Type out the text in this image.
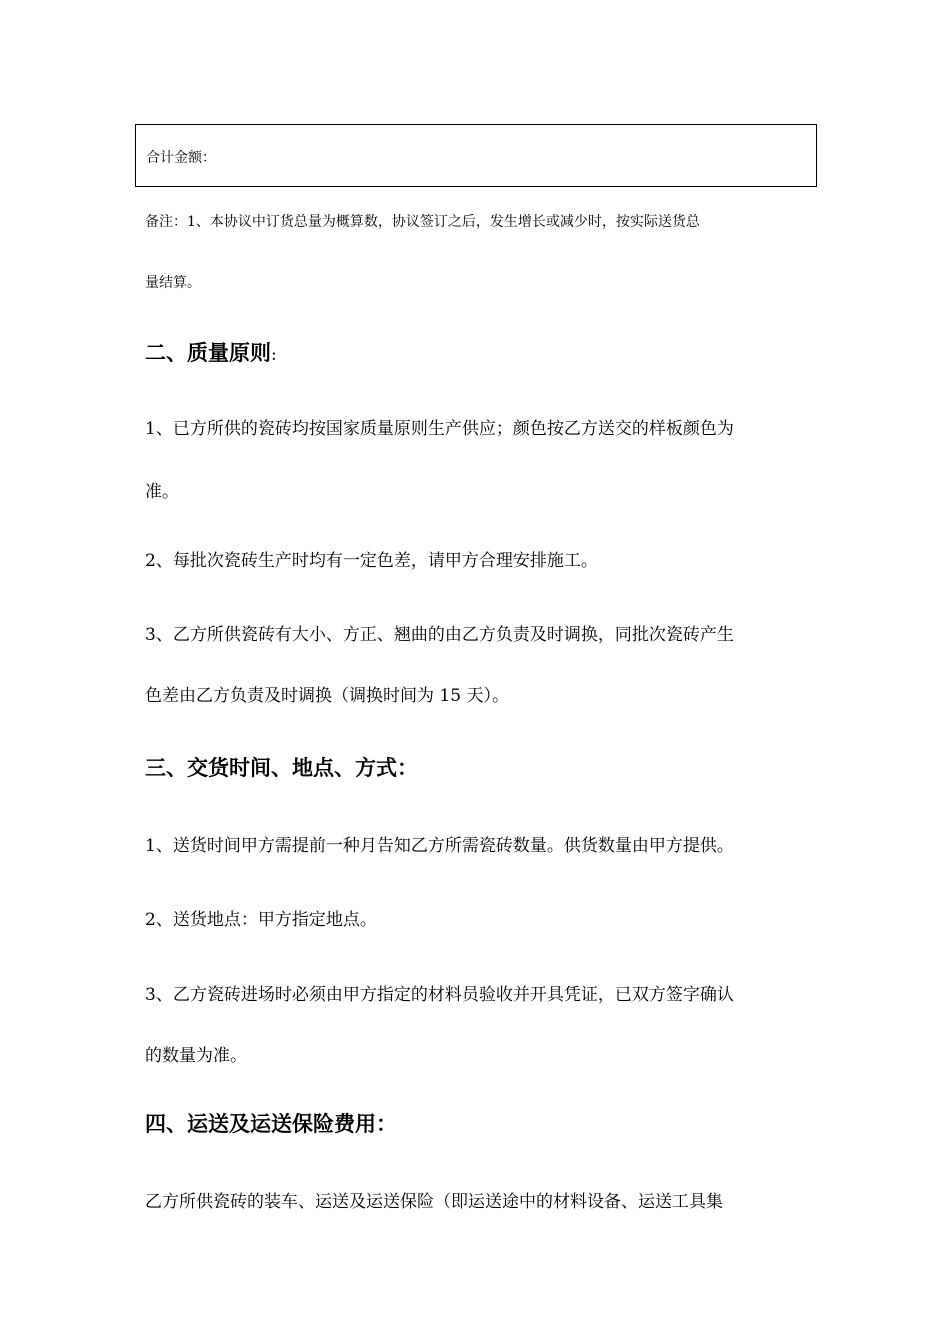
合计金额：
备注：1、本协议中订货总量为概算数，协议签订之后，发生增长或减少时，按实际送货总
量结算。
二、质量原则:
1、已方所供的瓷砖均按国家质量原则生产供应；颜色按乙方送交的样板颜色为
准。
2、每批次瓷砖生产时均有一定色差，请甲方合理安排施工。
3、乙方所供瓷砖有大小、方正、翘曲的由乙方负责及时调换，同批次瓷砖产生
色差由乙方负责及时调换（调换时间为 15 天）。
三、交货时间、地点、方式：
1、送货时间甲方需提前一种月告知乙方所需瓷砖数量。供货数量由甲方提供。
2、送货地点：甲方指定地点。
3、乙方瓷砖进场时必须由甲方指定的材料员验收并开具凭证，已双方签字确认
的数量为准。
四、运送及运送保险费用：
乙方所供瓷砖的装车、运送及运送保险（即运送途中的材料设备、运送工具集
